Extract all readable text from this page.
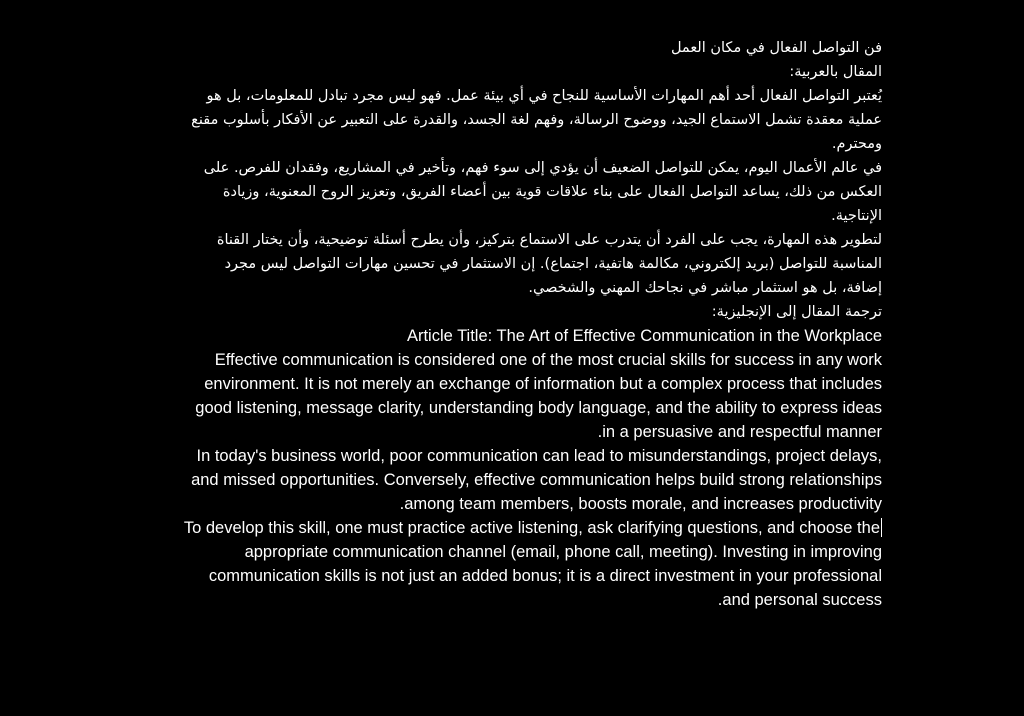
فن التواصل الفعال في مكان العمل

المقال بالعربية:

يُعتبر التواصل الفعال أحد أهم المهارات الأساسية للنجاح في أي بيئة عمل. فهو ليس مجرد تبادل للمعلومات، بل هو عملية معقدة تشمل الاستماع الجيد، ووضوح الرسالة، وفهم لغة الجسد، والقدرة على التعبير عن الأفكار بأسلوب مقنع ومحترم.

في عالم الأعمال اليوم، يمكن للتواصل الضعيف أن يؤدي إلى سوء فهم، وتأخير في المشاريع، وفقدان للفرص. على العكس من ذلك، يساعد التواصل الفعال على بناء علاقات قوية بين أعضاء الفريق، وتعزيز الروح المعنوية، وزيادة الإنتاجية.

لتطوير هذه المهارة، يجب على الفرد أن يتدرب على الاستماع بتركيز، وأن يطرح أسئلة توضيحية، وأن يختار القناة المناسبة للتواصل (بريد إلكتروني، مكالمة هاتفية، اجتماع). إن الاستثمار في تحسين مهارات التواصل ليس مجرد إضافة، بل هو استثمار مباشر في نجاحك المهني والشخصي.

ترجمة المقال إلى الإنجليزية:

Article Title: The Art of Effective Communication in the Workplace

Effective communication is considered one of the most crucial skills for success in any work environment. It is not merely an exchange of information but a complex process that includes good listening, message clarity, understanding body language, and the ability to express ideas in a persuasive and respectful manner.

In today's business world, poor communication can lead to misunderstandings, project delays, and missed opportunities. Conversely, effective communication helps build strong relationships among team members, boosts morale, and increases productivity.

To develop this skill, one must practice active listening, ask clarifying questions, and choose the appropriate communication channel (email, phone call, meeting). Investing in improving communication skills is not just an added bonus; it is a direct investment in your professional and personal success.
